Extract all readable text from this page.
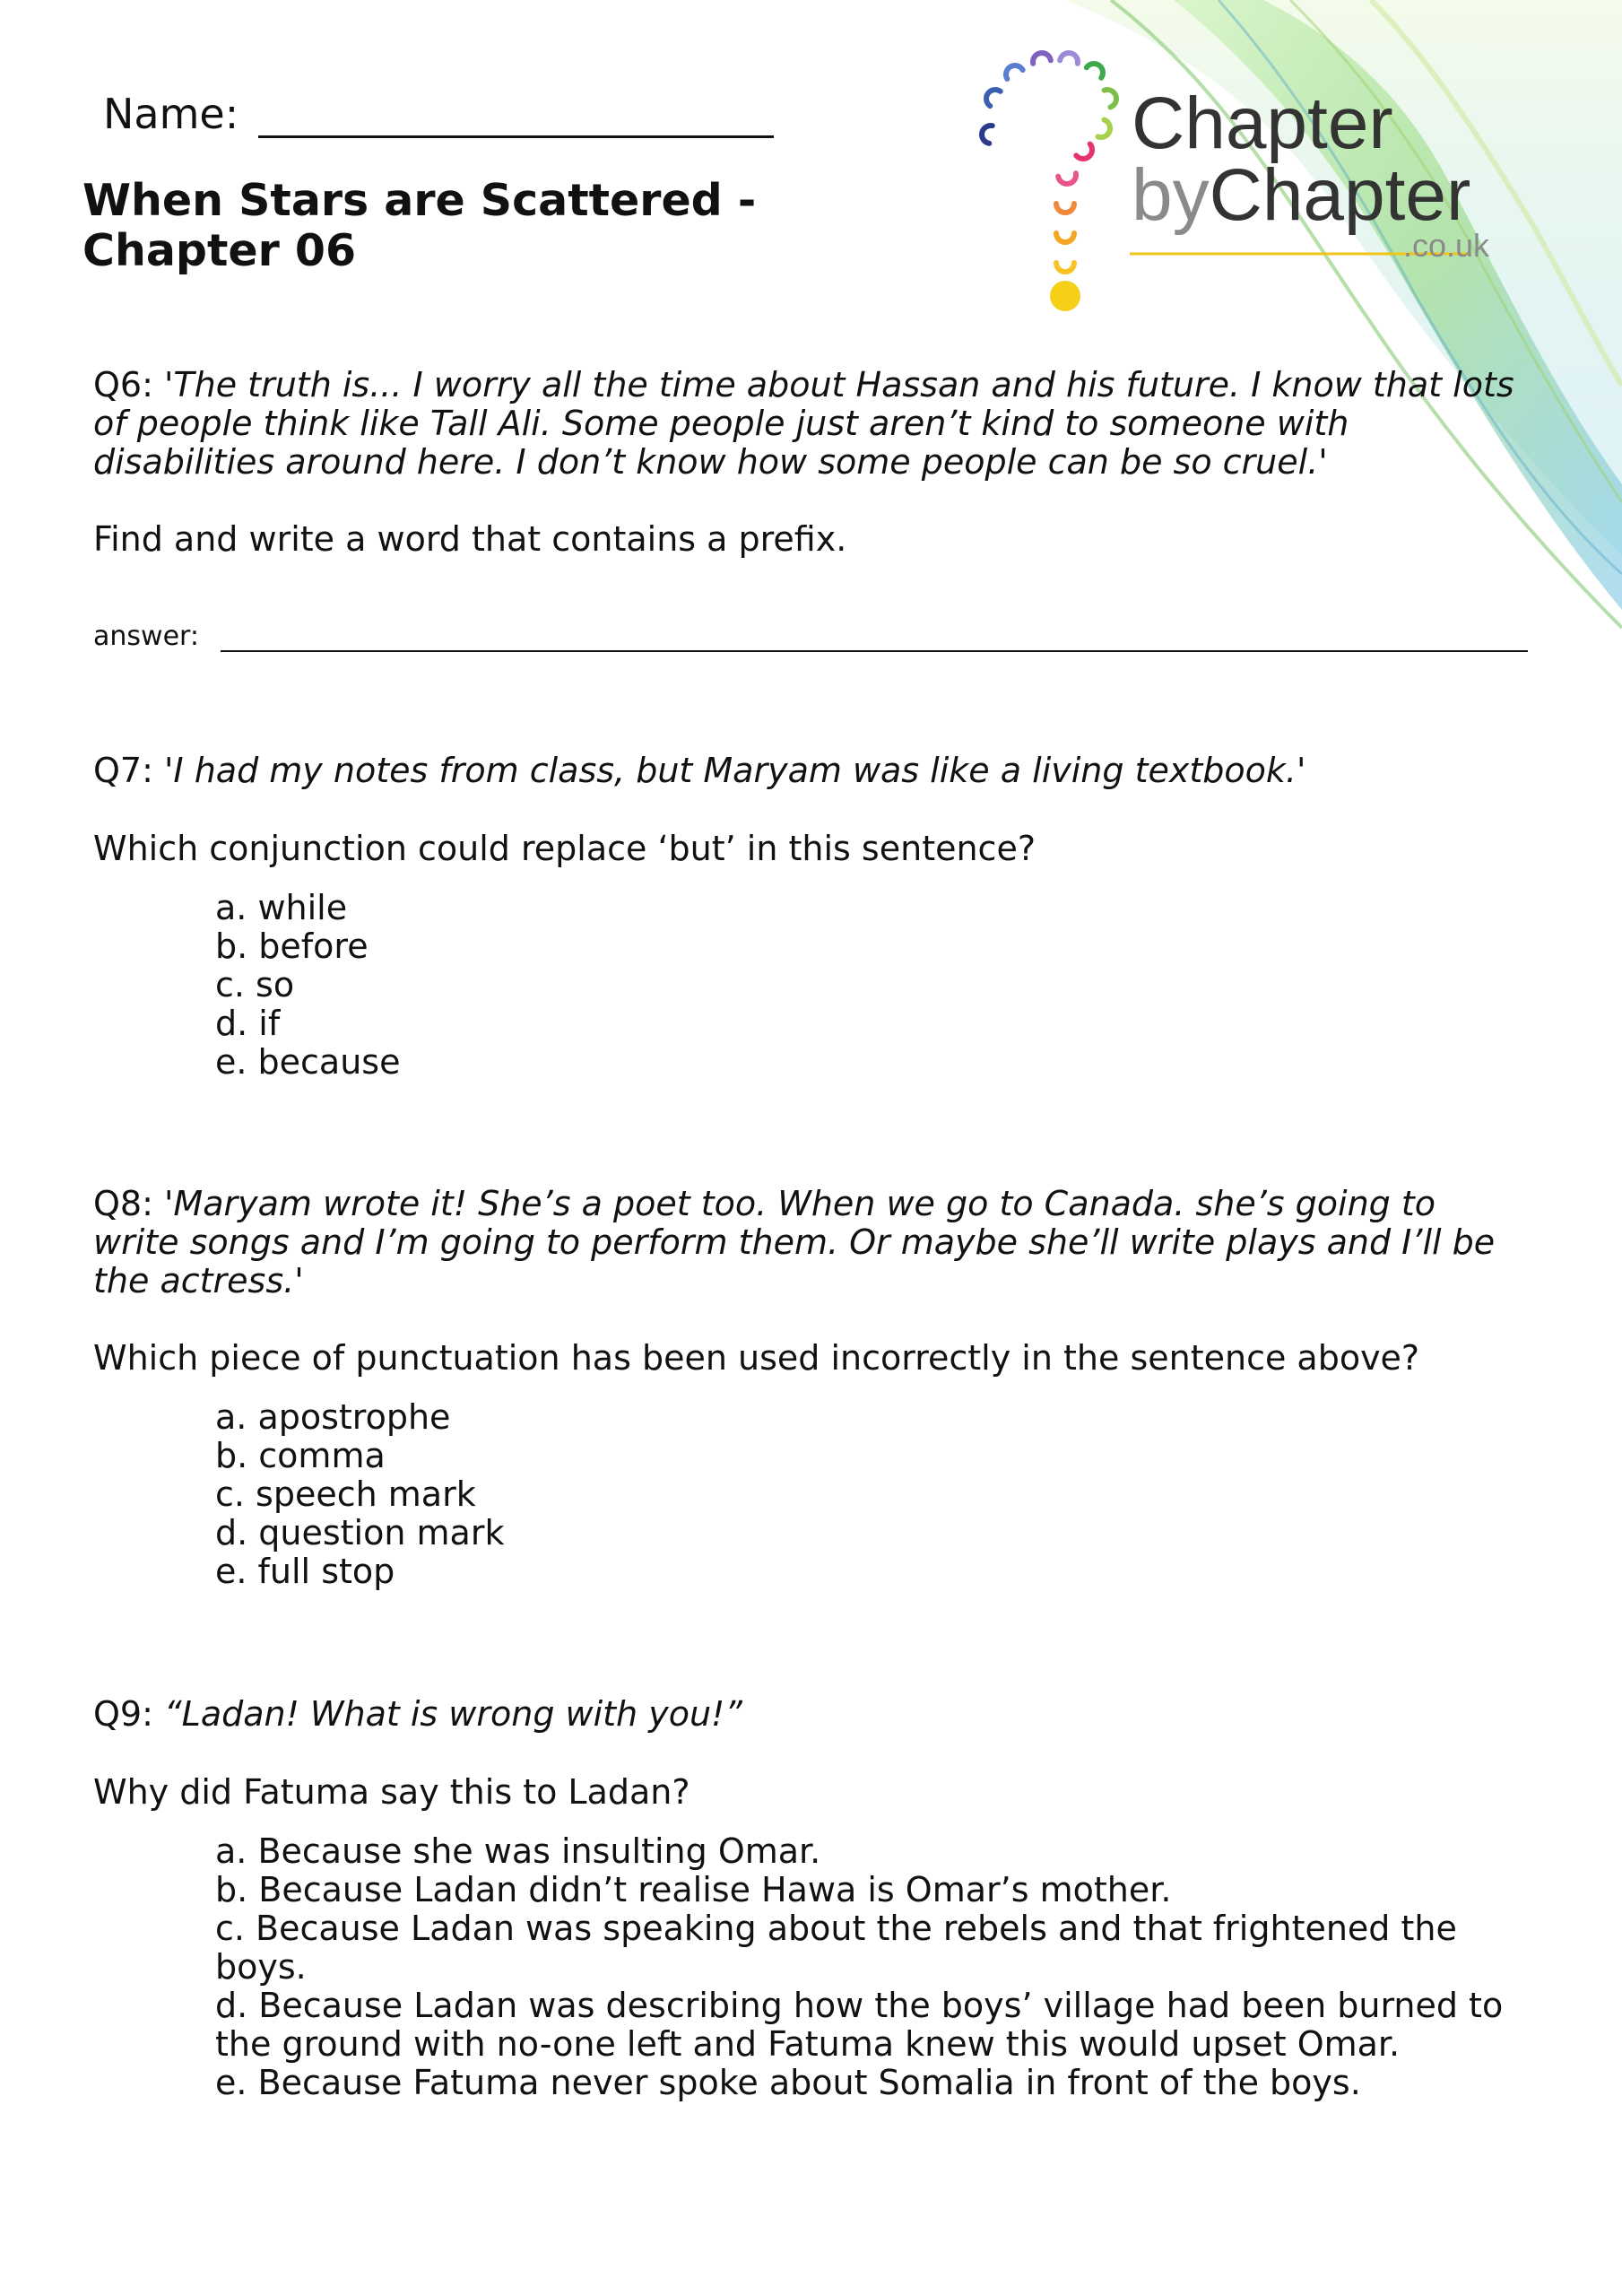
Chapter
byChapter
.co.uk
Name:
When Stars are Scattered - Chapter 06
Q6: 'The truth is... I worry all the time about Hassan and his future. I know that lots of people think like Tall Ali. Some people just aren’t kind to someone with disabilities around here. I don’t know how some people can be so cruel.'
Find and write a word that contains a prefix.
answer:
Q7: 'I had my notes from class, but Maryam was like a living textbook.'
Which conjunction could replace ‘but’ in this sentence?
a. while
b. before
c. so
d. if
e. because
Q8: 'Maryam wrote it! She’s a poet too. When we go to Canada. she’s going to write songs and I’m going to perform them. Or maybe she’ll write plays and I’ll be the actress.'
Which piece of punctuation has been used incorrectly in the sentence above?
a. apostrophe
b. comma
c. speech mark
d. question mark
e. full stop
Q9: “Ladan! What is wrong with you!”
Why did Fatuma say this to Ladan?
a. Because she was insulting Omar.
b. Because Ladan didn’t realise Hawa is Omar’s mother.
c. Because Ladan was speaking about the rebels and that frightened the boys.
d. Because Ladan was describing how the boys’ village had been burned to the ground with no-one left and Fatuma knew this would upset Omar.
e. Because Fatuma never spoke about Somalia in front of the boys.
